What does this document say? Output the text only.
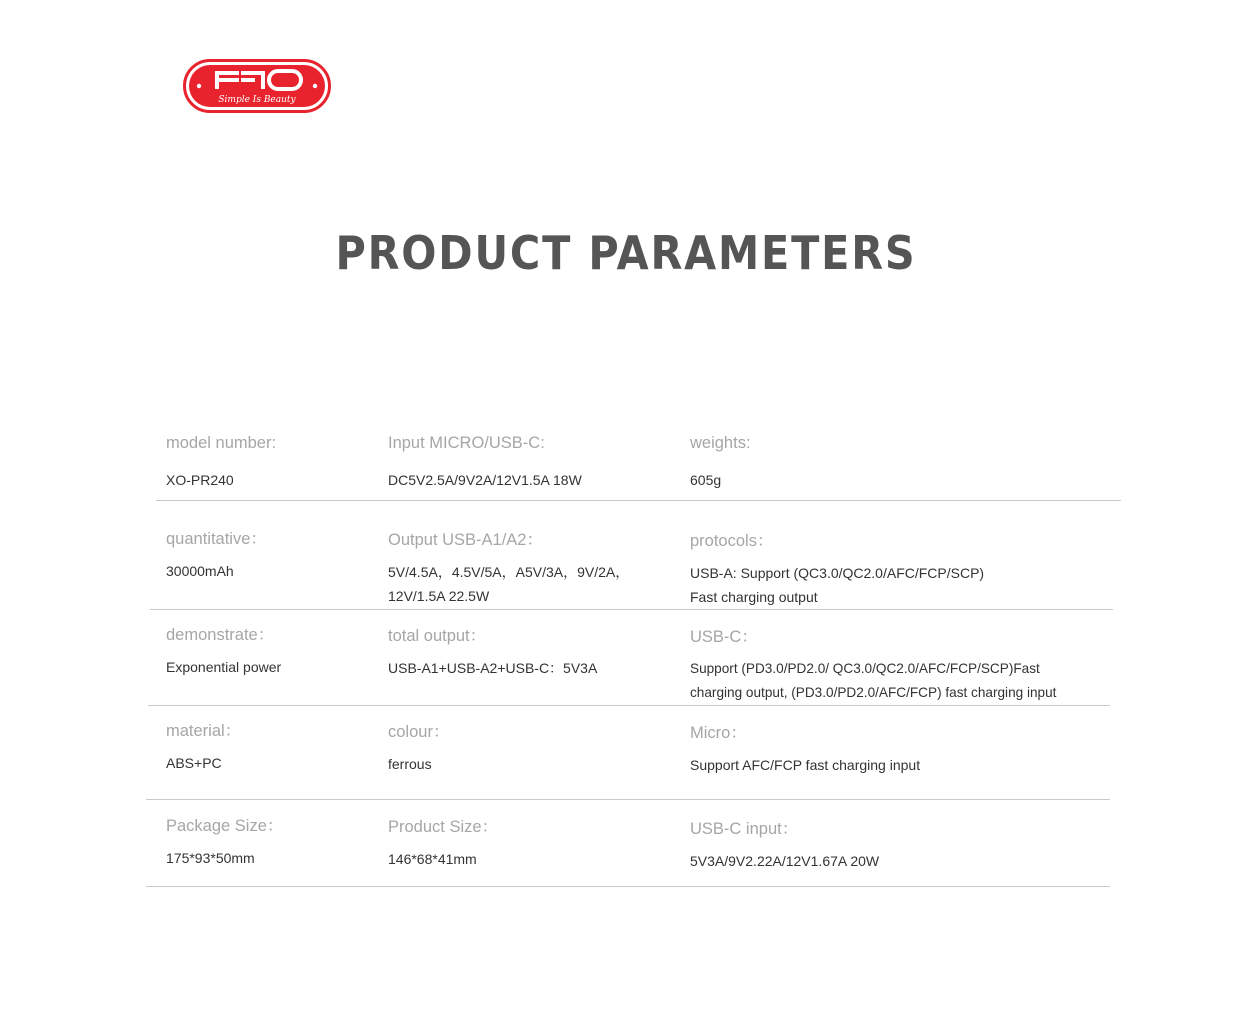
Simple Is Beauty
PRODUCT PARAMETERS
model number:
XO-PR240
Input MICRO/USB-C:
DC5V2.5A/9V2A/12V1.5A 18W
weights:
605g
quantitative：
30000mAh
Output USB-A1/A2：
5V/4.5A，4.5V/5A，A5V/3A，9V/2A，
12V/1.5A 22.5W
protocols：
USB-A: Support (QC3.0/QC2.0/AFC/FCP/SCP)
Fast charging output
demonstrate：
Exponential power
total output：
USB-A1+USB-A2+USB-C：5V3A
USB-C：
Support (PD3.0/PD2.0/ QC3.0/QC2.0/AFC/FCP/SCP)Fast
charging output, (PD3.0/PD2.0/AFC/FCP) fast charging input
material：
ABS+PC
colour：
ferrous
Micro：
Support AFC/FCP fast charging input
Package Size：
175*93*50mm
Product Size：
146*68*41mm
USB-C input：
5V3A/9V2.22A/12V1.67A 20W
